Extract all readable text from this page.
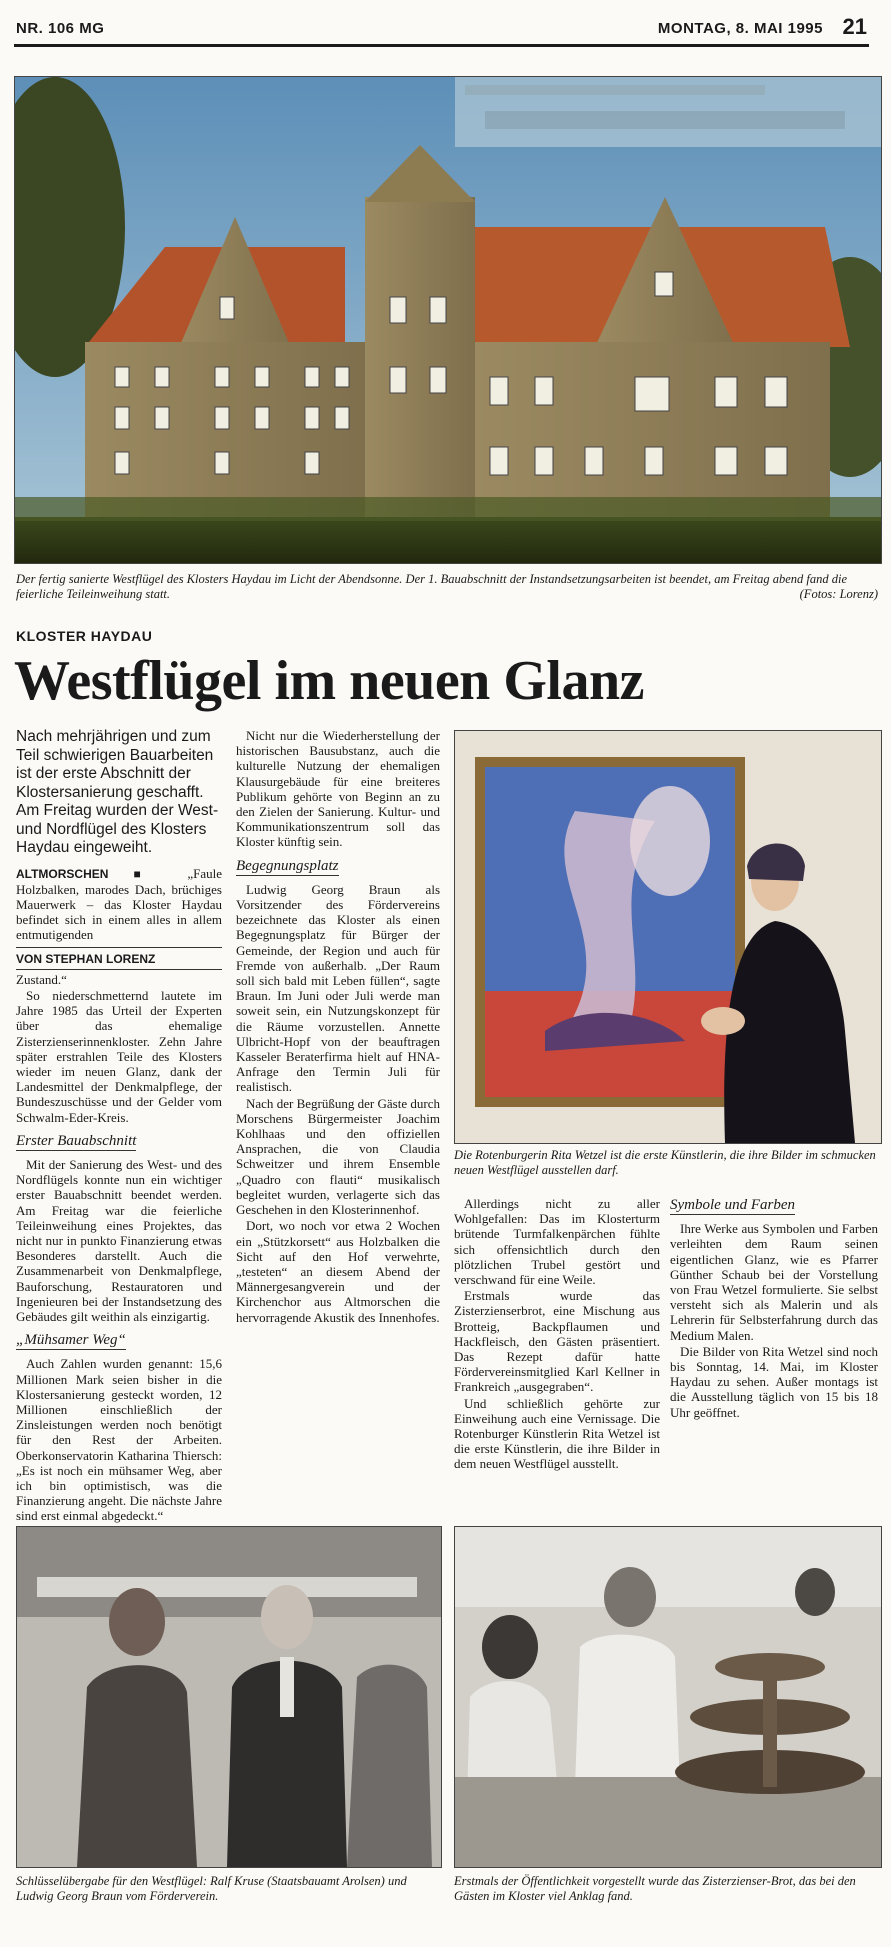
NR. 106 MG	MONTAG, 8. MAI 1995 21
Der fertig sanierte Westflügel des Klosters Haydau im Licht der Abendsonne. Der 1. Bauabschnitt der Instandsetzungsarbeiten ist beendet, am Freitag abend fand die feierliche Teileinweihung statt.	(Fotos: Lorenz)
KLOSTER HAYDAU
Westflügel im neuen Glanz

Nach mehrjährigen und zum Teil schwierigen Bauarbeiten ist der erste Abschnitt der Klostersanierung geschafft. Am Freitag wurden der West- und Nordflügel des Klosters Haydau eingeweiht.

ALTMORSCHEN ■ „Faule Holzbalken, marodes Dach, brüchiges Mauerwerk – das Kloster Haydau befindet sich in einem alles in allem entmutigenden

VON STEPHAN LORENZ

Zustand.“

So niederschmetternd lautete im Jahre 1985 das Urteil der Experten über das ehemalige Zisterzienserinnenkloster. Zehn Jahre später erstrahlen Teile des Klosters wieder im neuen Glanz, dank der Landesmittel der Denkmalpflege, der Bundeszuschüsse und der Gelder vom Schwalm-Eder-Kreis.

Erster Bauabschnitt

Mit der Sanierung des West- und des Nordflügels konnte nun ein wichtiger erster Bauabschnitt beendet werden. Am Freitag war die feierliche Teileinweihung eines Projektes, das nicht nur in punkto Finanzierung etwas Besonderes darstellt. Auch die Zusammenarbeit von Denkmalpflege, Bauforschung, Restauratoren und Ingenieuren bei der Instandsetzung des Gebäudes gilt weithin als einzigartig.

„Mühsamer Weg“

Auch Zahlen wurden genannt: 15,6 Millionen Mark seien bisher in die Klostersanierung gesteckt worden, 12 Millionen einschließlich der Zinsleistungen werden noch benötigt für den Rest der Arbeiten. Oberkonservatorin Katharina Thiersch: „Es ist noch ein mühsamer Weg, aber ich bin optimistisch, was die Finanzierung angeht. Die nächste Jahre sind erst einmal abgedeckt.“

Nicht nur die Wiederherstellung der historischen Bausubstanz, auch die kulturelle Nutzung der ehemaligen Klausurgebäude für eine breiteres Publikum gehörte von Beginn an zu den Zielen der Sanierung. Kultur- und Kommunikationszentrum soll das Kloster künftig sein.

Begegnungsplatz

Ludwig Georg Braun als Vorsitzender des Fördervereins bezeichnete das Kloster als einen Begegnungsplatz für Bürger der Gemeinde, der Region und auch für Fremde von außerhalb. „Der Raum soll sich bald mit Leben füllen“, sagte Braun. Im Juni oder Juli werde man soweit sein, ein Nutzungskonzept für die Räume vorzustellen. Annette Ulbricht-Hopf von der beauftragen Kasseler Beraterfirma hielt auf HNA-Anfrage den Termin Juli für realistisch.

Nach der Begrüßung der Gäste durch Morschens Bürgermeister Joachim Kohlhaas und den offiziellen Ansprachen, die von Claudia Schweitzer und ihrem Ensemble „Quadro con flauti“ musikalisch begleitet wurden, verlagerte sich das Geschehen in den Klosterinnenhof.

Dort, wo noch vor etwa 2 Wochen ein „Stützkorsett“ aus Holzbalken die Sicht auf den Hof verwehrte, „testeten“ an diesem Abend der Männergesangverein und der Kirchenchor aus Altmorschen die hervorragende Akustik des Innenhofes.

Die Rotenburgerin Rita Wetzel ist die erste Künstlerin, die ihre Bilder im schmucken neuen Westflügel ausstellen darf.

Allerdings nicht zu aller Wohlgefallen: Das im Klosterturm brütende Turmfalkenpärchen fühlte sich offensichtlich durch den plötzlichen Trubel gestört und verschwand für eine Weile.

Erstmals wurde das Zisterzienserbrot, eine Mischung aus Brotteig, Backpflaumen und Hackfleisch, den Gästen präsentiert. Das Rezept dafür hatte Fördervereinsmitglied Karl Kellner in Frankreich „ausgegraben“.

Und schließlich gehörte zur Einweihung auch eine Vernissage. Die Rotenburger Künstlerin Rita Wetzel ist die erste Künstlerin, die ihre Bilder in dem neuen Westflügel ausstellt.

Symbole und Farben

Ihre Werke aus Symbolen und Farben verleihten dem Raum seinen eigentlichen Glanz, wie es Pfarrer Günther Schaub bei der Vorstellung von Frau Wetzel formulierte. Sie selbst versteht sich als Malerin und als Lehrerin für Selbsterfahrung durch das Medium Malen.

Die Bilder von Rita Wetzel sind noch bis Sonntag, 14. Mai, im Kloster Haydau zu sehen. Außer montags ist die Ausstellung täglich von 15 bis 18 Uhr geöffnet.

Schlüsselübergabe für den Westflügel: Ralf Kruse (Staatsbauamt Arolsen) und Ludwig Georg Braun vom Förderverein.
Erstmals der Öffentlichkeit vorgestellt wurde das Zisterzienser-Brot, das bei den Gästen im Kloster viel Anklag fand.
